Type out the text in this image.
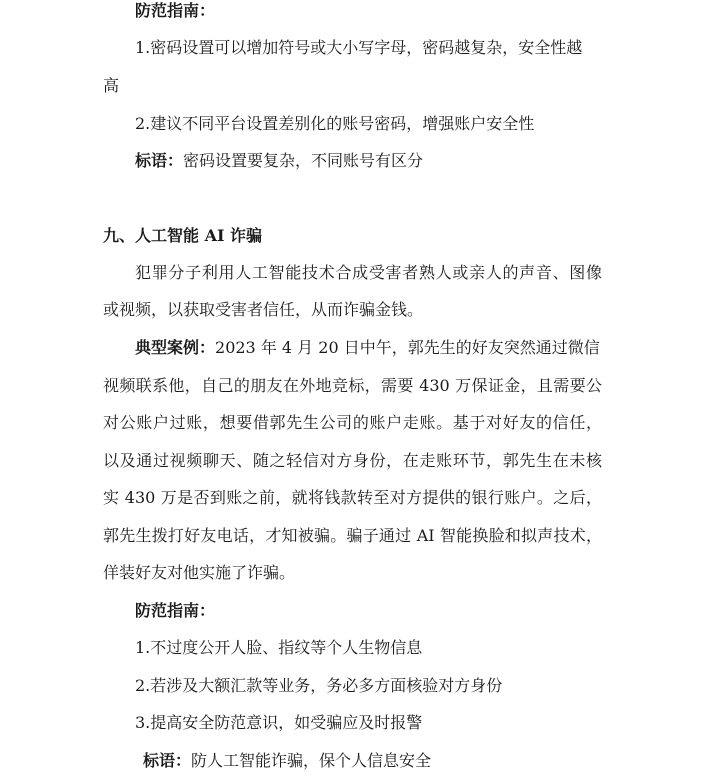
防范指南：
1.密码设置可以增加符号或大小写字母，密码越复杂，安全性越
高
2.建议不同平台设置差别化的账号密码，增强账户安全性
标语：密码设置要复杂，不同账号有区分
九、人工智能 AI 诈骗
犯罪分子利用人工智能技术合成受害者熟人或亲人的声音、图像
或视频，以获取受害者信任，从而诈骗金钱。
典型案例：2023 年 4 月 20 日中午，郭先生的好友突然通过微信
视频联系他，自己的朋友在外地竞标，需要 430 万保证金，且需要公
对公账户过账，想要借郭先生公司的账户走账。基于对好友的信任，
以及通过视频聊天、随之轻信对方身份，在走账环节，郭先生在未核
实 430 万是否到账之前，就将钱款转至对方提供的银行账户。之后，
郭先生拨打好友电话，才知被骗。骗子通过 AI 智能换脸和拟声技术，
佯装好友对他实施了诈骗。
防范指南：
1.不过度公开人脸、指纹等个人生物信息
2.若涉及大额汇款等业务，务必多方面核验对方身份
3.提高安全防范意识，如受骗应及时报警
标语：防人工智能诈骗，保个人信息安全
